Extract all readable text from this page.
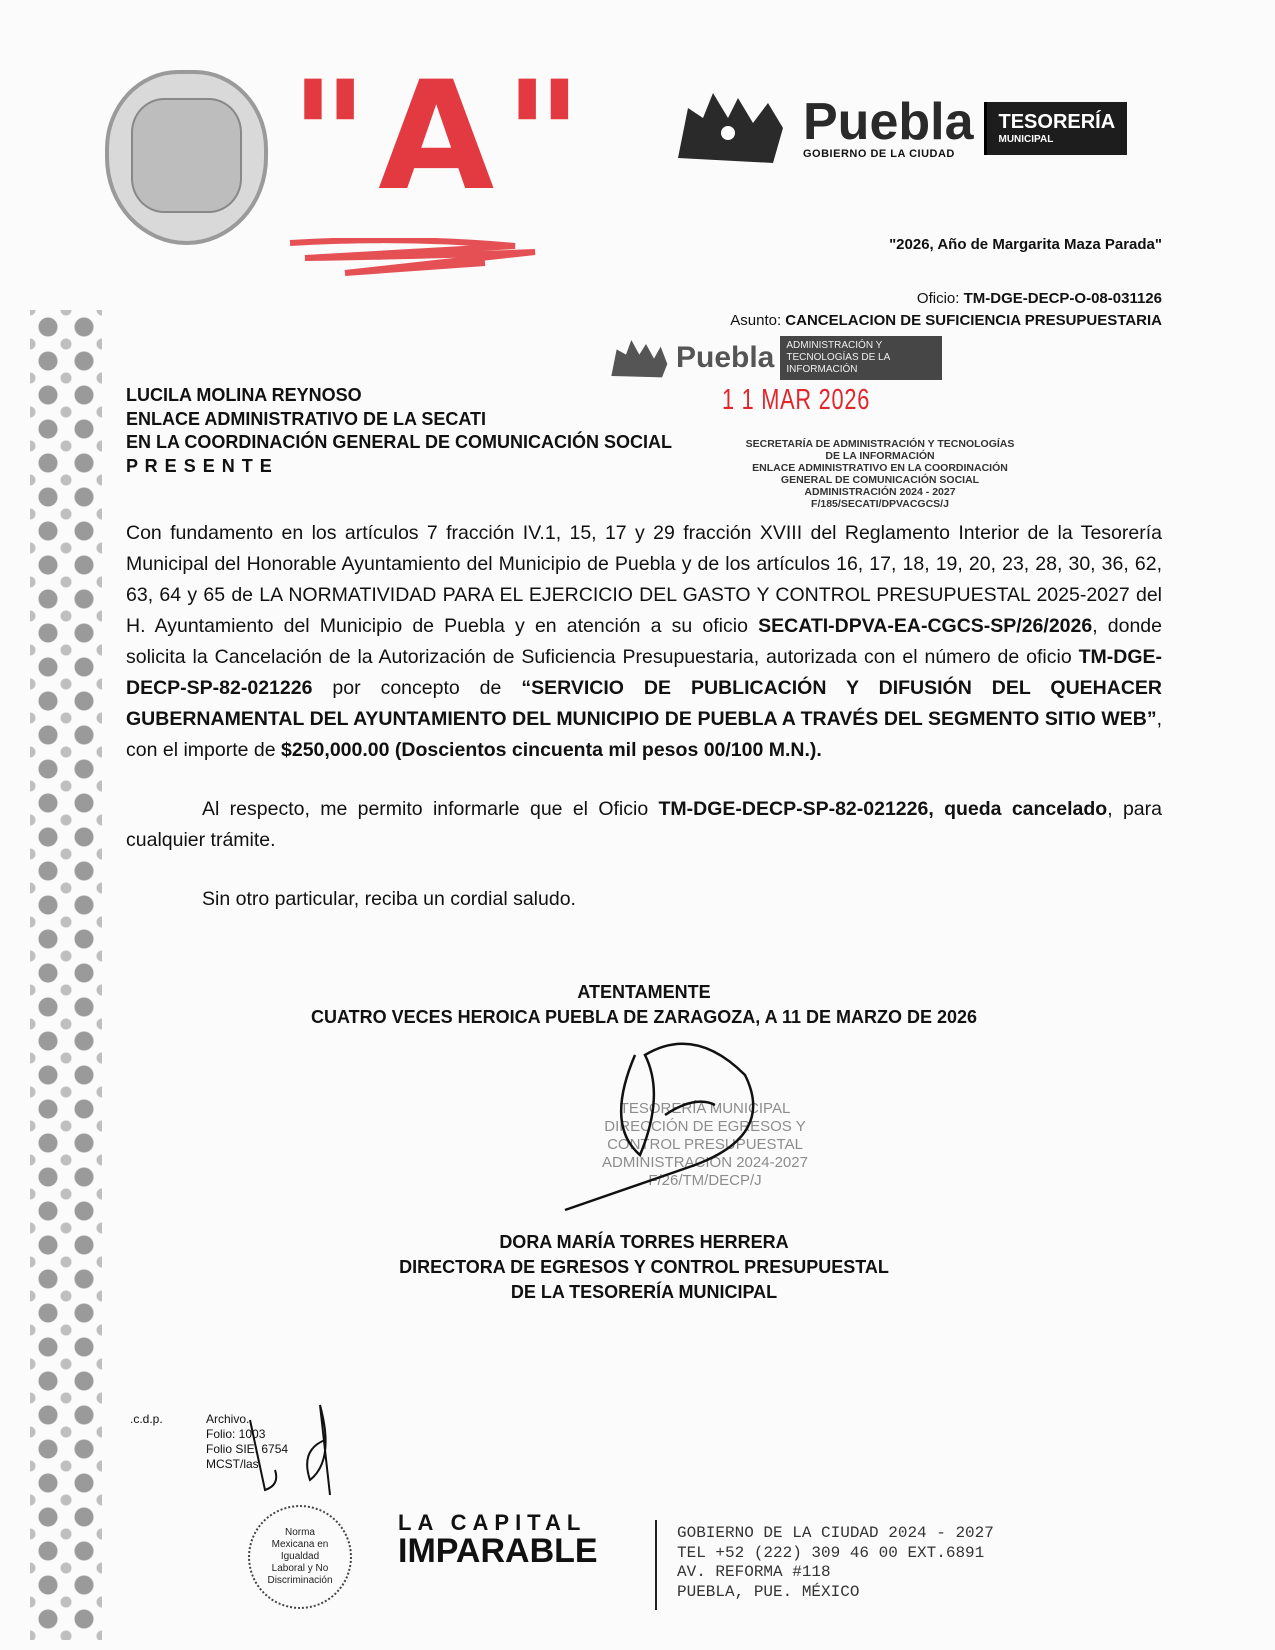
"A"	Puebla
GOBIERNO DE LA CIUDAD
TESORERÍA
MUNICIPAL
"2026, Año de Margarita Maza Parada"
Oficio: TM-DGE-DECP-O-08-031126
Asunto: CANCELACION DE SUFICIENCIA PRESUPUESTARIA
Puebla	ADMINISTRACIÓN Y TECNOLOGÍAS DE LA INFORMACIÓN
LUCILA MOLINA REYNOSO
ENLACE ADMINISTRATIVO DE LA SECATI
EN LA COORDINACIÓN GENERAL DE COMUNICACIÓN SOCIAL
P R E S E N T E
1 1 MAR 2026
SECRETARÍA DE ADMINISTRACIÓN Y TECNOLOGÍAS
DE LA INFORMACIÓN
ENLACE ADMINISTRATIVO EN LA COORDINACIÓN
GENERAL DE COMUNICACIÓN SOCIAL
ADMINISTRACIÓN 2024 - 2027
F/185/SECATI/DPVACGCS/J

Con fundamento en los artículos 7 fracción IV.1, 15, 17 y 29 fracción XVIII del Reglamento Interior de la Tesorería Municipal del Honorable Ayuntamiento del Municipio de Puebla y de los artículos 16, 17, 18, 19, 20, 23, 28, 30, 36, 62, 63, 64 y 65 de LA NORMATIVIDAD PARA EL EJERCICIO DEL GASTO Y CONTROL PRESUPUESTAL 2025-2027 del H. Ayuntamiento del Municipio de Puebla y en atención a su oficio SECATI-DPVA-EA-CGCS-SP/26/2026, donde solicita la Cancelación de la Autorización de Suficiencia Presupuestaria, autorizada con el número de oficio TM-DGE-DECP-SP-82-021226 por concepto de “SERVICIO DE PUBLICACIÓN Y DIFUSIÓN DEL QUEHACER GUBERNAMENTAL DEL AYUNTAMIENTO DEL MUNICIPIO DE PUEBLA A TRAVÉS DEL SEGMENTO SITIO WEB”, con el importe de $250,000.00 (Doscientos cincuenta mil pesos 00/100 M.N.).

Al respecto, me permito informarle que el Oficio TM-DGE-DECP-SP-82-021226, queda cancelado, para cualquier trámite.

Sin otro particular, reciba un cordial saludo.

ATENTAMENTE
CUATRO VECES HEROICA PUEBLA DE ZARAGOZA, A 11 DE MARZO DE 2026
TESORERÍA MUNICIPAL
DIRECCIÓN DE EGRESOS Y
CONTROL PRESUPUESTAL
ADMINISTRACIÓN 2024-2027
F/26/TM/DECP/J
DORA MARÍA TORRES HERRERA
DIRECTORA DE EGRESOS Y CONTROL PRESUPUESTAL
DE LA TESORERÍA MUNICIPAL
.c.d.p.	Archivo.
Folio: 1003
Folio SIE: 6754
MCST/las
Norma Mexicana en Igualdad Laboral y No Discriminación
LA CAPITAL
IMPARABLE	GOBIERNO DE LA CIUDAD 2024 - 2027
TEL +52 (222) 309 46 00 EXT.6891
AV. REFORMA #118
PUEBLA, PUE. MÉXICO
